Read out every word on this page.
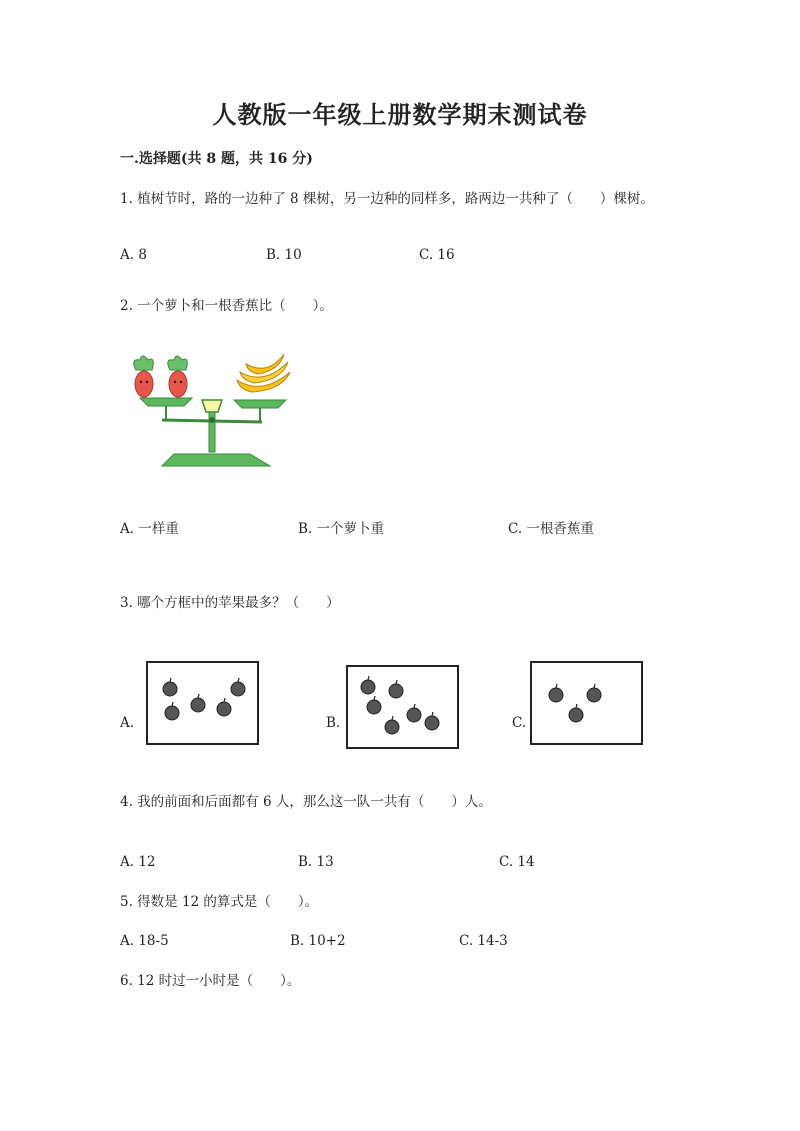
人教版一年级上册数学期末测试卷
一.选择题(共 8 题，共 16 分)
1. 植树节时，路的一边种了 8 棵树，另一边种的同样多，路两边一共种了（　　）棵树。
A. 8	B. 10	C. 16
2. 一个萝卜和一根香蕉比（　　）。
A. 一样重	B. 一个萝卜重	C. 一根香蕉重
3. 哪个方框中的苹果最多？（　　）
A.	B.	C.
4. 我的前面和后面都有 6 人，那么这一队一共有（　　）人。
A. 12	B. 13	C. 14
5. 得数是 12 的算式是（　　）。
A. 18-5	B. 10+2	C. 14-3
6. 12 时过一小时是（　　）。
